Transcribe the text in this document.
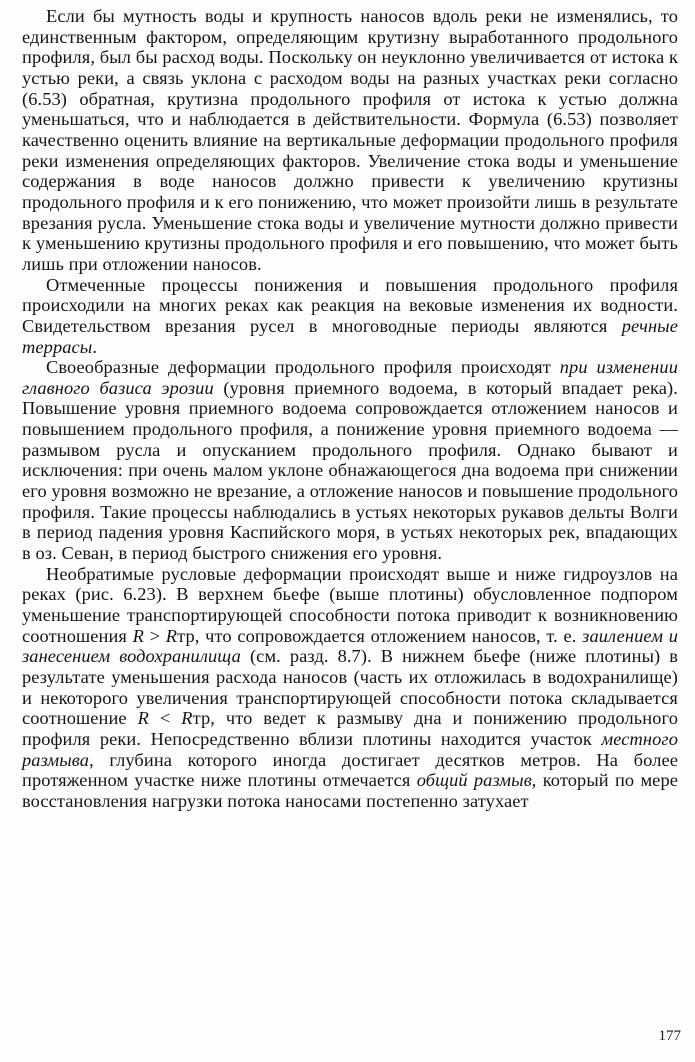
Если бы мутность воды и крупность наносов вдоль реки не изменялись, то единственным фактором, определяющим крутизну выработанного продольного профиля, был бы расход воды. Поскольку он неуклонно увеличивается от истока к устью реки, а связь уклона с расходом воды на разных участках реки согласно (6.53) обратная, крутизна продольного профиля от истока к устью должна уменьшаться, что и наблюдается в действительности. Формула (6.53) позволяет качественно оценить влияние на вертикальные деформации продольного профиля реки изменения определяющих факторов. Увеличение стока воды и уменьшение содержания в воде наносов должно привести к увеличению крутизны продольного профиля и к его понижению, что может произойти лишь в результате врезания русла. Уменьшение стока воды и увеличение мутности должно привести к уменьшению крутизны продольного профиля и его повышению, что может быть лишь при отложении наносов.

Отмеченные процессы понижения и повышения продольного профиля происходили на многих реках как реакция на вековые изменения их водности. Свидетельством врезания русел в многоводные периоды являются речные террасы.

Своеобразные деформации продольного профиля происходят при изменении главного базиса эрозии (уровня приемного водоема, в который впадает река). Повышение уровня приемного водоема сопровождается отложением наносов и повышением продольного профиля, а понижение уровня приемного водоема — размывом русла и опусканием продольного профиля. Однако бывают и исключения: при очень малом уклоне обнажающегося дна водоема при снижении его уровня возможно не врезание, а отложение наносов и повышение продольного профиля. Такие процессы наблюдались в устьях некоторых рукавов дельты Волги в период падения уровня Каспийского моря, в устьях некоторых рек, впадающих в оз. Севан, в период быстрого снижения его уровня.

Необратимые русловые деформации происходят выше и ниже гидроузлов на реках (рис. 6.23). В верхнем бьефе (выше плотины) обусловленное подпором уменьшение транспортирующей способности потока приводит к возникновению соотношения R > Rтр, что сопровождается отложением наносов, т. е. заилением и занесением водохранилища (см. разд. 8.7). В нижнем бьефе (ниже плотины) в результате уменьшения расхода наносов (часть их отложилась в водохранилище) и некоторого увеличения транспортирующей способности потока складывается соотношение R < Rтр, что ведет к размыву дна и понижению продольного профиля реки. Непосредственно вблизи плотины находится участок местного размыва, глубина которого иногда достигает десятков метров. На более протяженном участке ниже плотины отмечается общий размыв, который по мере восстановления нагрузки потока наносами постепенно затухает

177
